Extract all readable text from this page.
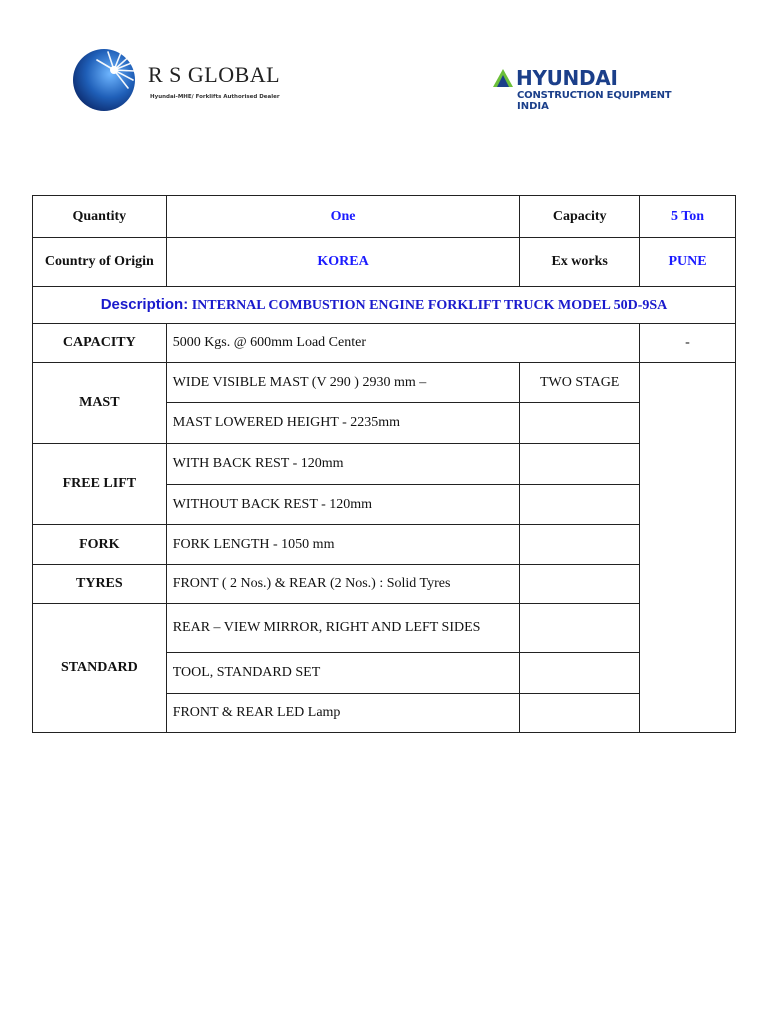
R S GLOBAL
Hyundai-MHE/ Forklifts Authorised Dealer
HYUNDAI
CONSTRUCTION EQUIPMENT
INDIA
Quantity	One	Capacity	5 Ton
Country of Origin	KOREA	Ex works	PUNE
Description: INTERNAL COMBUSTION ENGINE FORKLIFT TRUCK MODEL 50D-9SA			
CAPACITY	5000 Kgs. @ 600mm Load Center		-
MAST	WIDE VISIBLE MAST (V 290 ) 2930 mm –	TWO STAGE	
	MAST LOWERED HEIGHT - 2235mm		
FREE LIFT	WITH BACK REST - 120mm		
	WITHOUT BACK REST - 120mm		
FORK	FORK LENGTH - 1050 mm		
TYRES	FRONT ( 2 Nos.) & REAR (2 Nos.) : Solid Tyres		
STANDARD	REAR – VIEW MIRROR, RIGHT AND LEFT SIDES		
	TOOL, STANDARD SET		
	FRONT & REAR LED Lamp		
